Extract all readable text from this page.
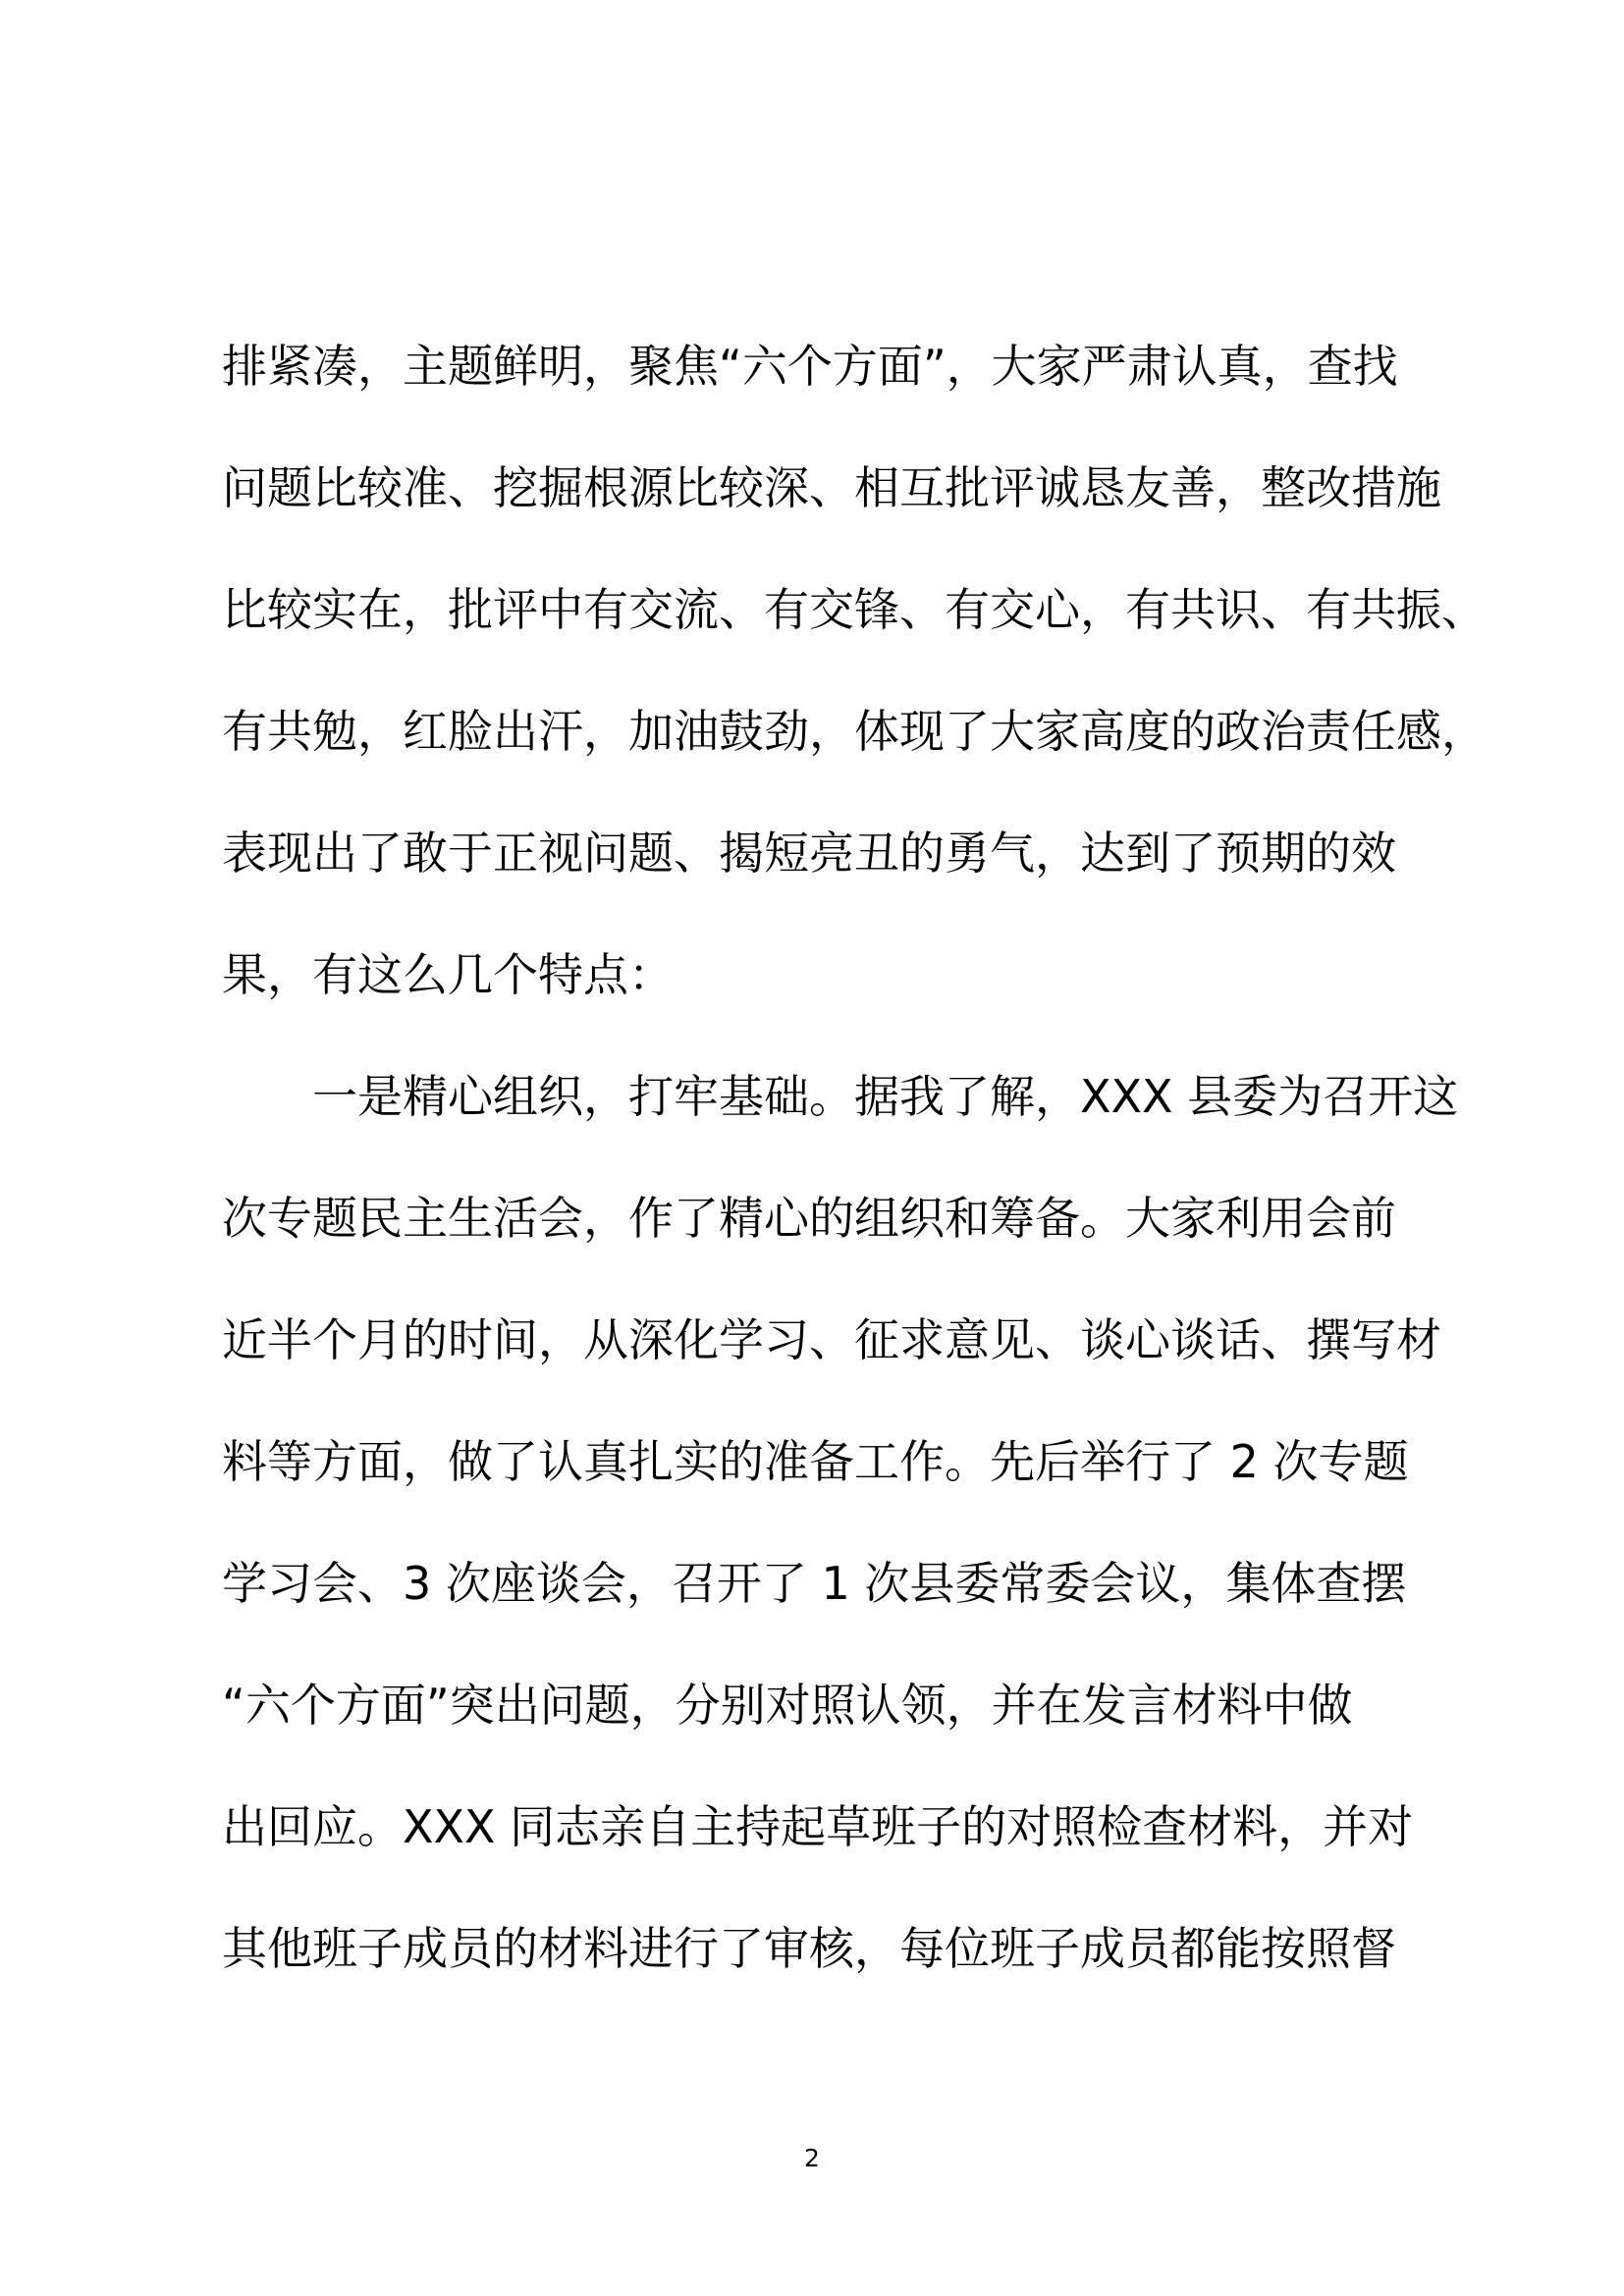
排紧凑，主题鲜明，聚焦“六个方面”，大家严肃认真，查找
问题比较准、挖掘根源比较深、相互批评诚恳友善，整改措施
比较实在，批评中有交流、有交锋、有交心，有共识、有共振、
有共勉，红脸出汗，加油鼓劲，体现了大家高度的政治责任感，
表现出了敢于正视问题、揭短亮丑的勇气，达到了预期的效
果，有这么几个特点：
一是精心组织，打牢基础。据我了解，XXX 县委为召开这
次专题民主生活会，作了精心的组织和筹备。大家利用会前
近半个月的时间，从深化学习、征求意见、谈心谈话、撰写材
料等方面，做了认真扎实的准备工作。先后举行了 2 次专题
学习会、3 次座谈会，召开了 1 次县委常委会议，集体查摆
“六个方面”突出问题，分别对照认领，并在发言材料中做
出回应。XXX 同志亲自主持起草班子的对照检查材料，并对
其他班子成员的材料进行了审核，每位班子成员都能按照督
2
